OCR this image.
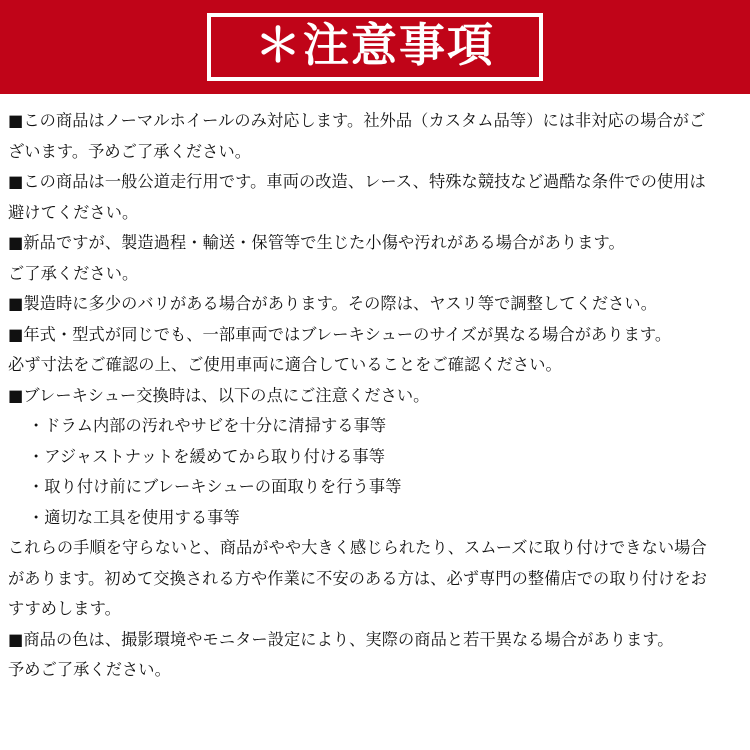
＊注意事項
■この商品はノーマルホイールのみ対応します。社外品（カスタム品等）には非対応の場合がご
ざいます。予めご了承ください。
■この商品は一般公道走行用です。車両の改造、レース、特殊な競技など過酷な条件での使用は
避けてください。
■新品ですが、製造過程・輸送・保管等で生じた小傷や汚れがある場合があります。
ご了承ください。
■製造時に多少のバリがある場合があります。その際は、ヤスリ等で調整してください。
■年式・型式が同じでも、一部車両ではブレーキシューのサイズが異なる場合があります。
必ず寸法をご確認の上、ご使用車両に適合していることをご確認ください。
■ブレーキシュー交換時は、以下の点にご注意ください。
・ドラム内部の汚れやサビを十分に清掃する事等
・アジャストナットを緩めてから取り付ける事等
・取り付け前にブレーキシューの面取りを行う事等
・適切な工具を使用する事等
これらの手順を守らないと、商品がやや大きく感じられたり、スムーズに取り付けできない場合
があります。初めて交換される方や作業に不安のある方は、必ず専門の整備店での取り付けをお
すすめします。
■商品の色は、撮影環境やモニター設定により、実際の商品と若干異なる場合があります。
予めご了承ください。
